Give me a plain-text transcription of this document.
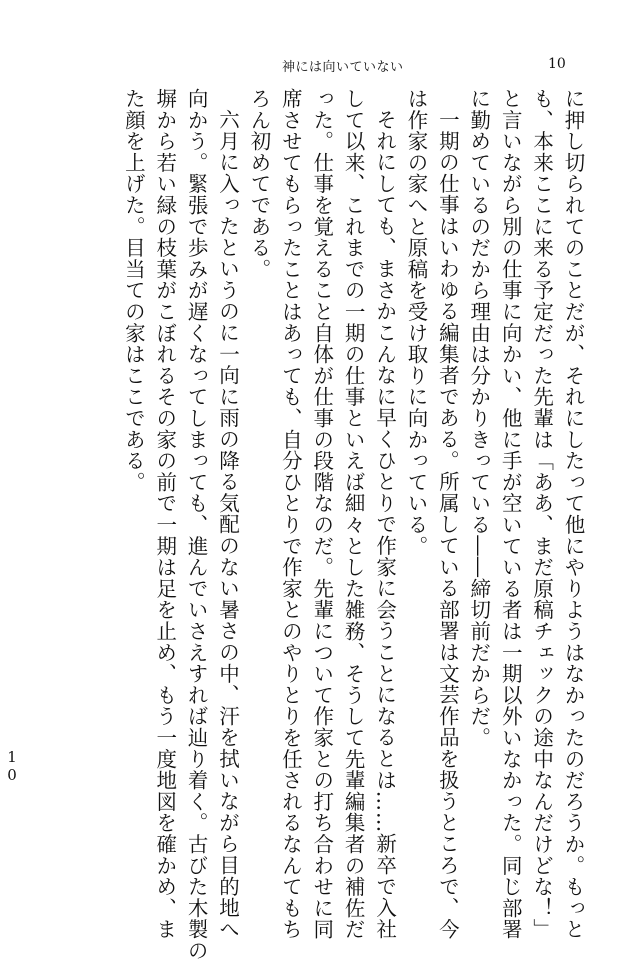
神には向いていない	10

に押し切られてのことだが、それにしたって他にやりようはなかったのだろうか。もっと

も、本来ここに来る予定だった先輩は「ああ、まだ原稿チェックの途中なんだけどな！」

と言いながら別の仕事に向かい、他に手が空いている者は一期以外いなかった。同じ部署

に勤めているのだから理由は分かりきっている――締切前だからだ。

一期の仕事はいわゆる編集者である。所属している部署は文芸作品を扱うところで、今

は作家の家へと原稿を受け取りに向かっている。

それにしても、まさかこんなに早くひとりで作家に会うことになるとは……新卒で入社

して以来、これまでの一期の仕事といえば細々とした雑務、そうして先輩編集者の補佐だ

った。仕事を覚えること自体が仕事の段階なのだ。先輩について作家との打ち合わせに同

席させてもらったことはあっても、自分ひとりで作家とのやりとりを任されるなんてもち

ろん初めてである。

六月に入ったというのに一向に雨の降る気配のない暑さの中、汗を拭いながら目的地へ

向かう。緊張で歩みが遅くなってしまっても、進んでいさえすれば辿り着く。古びた木製の

塀から若い緑の枝葉がこぼれるその家の前で一期は足を止め、もう一度地図を確かめ、ま

た顔を上げた。目当ての家はここである。

10
